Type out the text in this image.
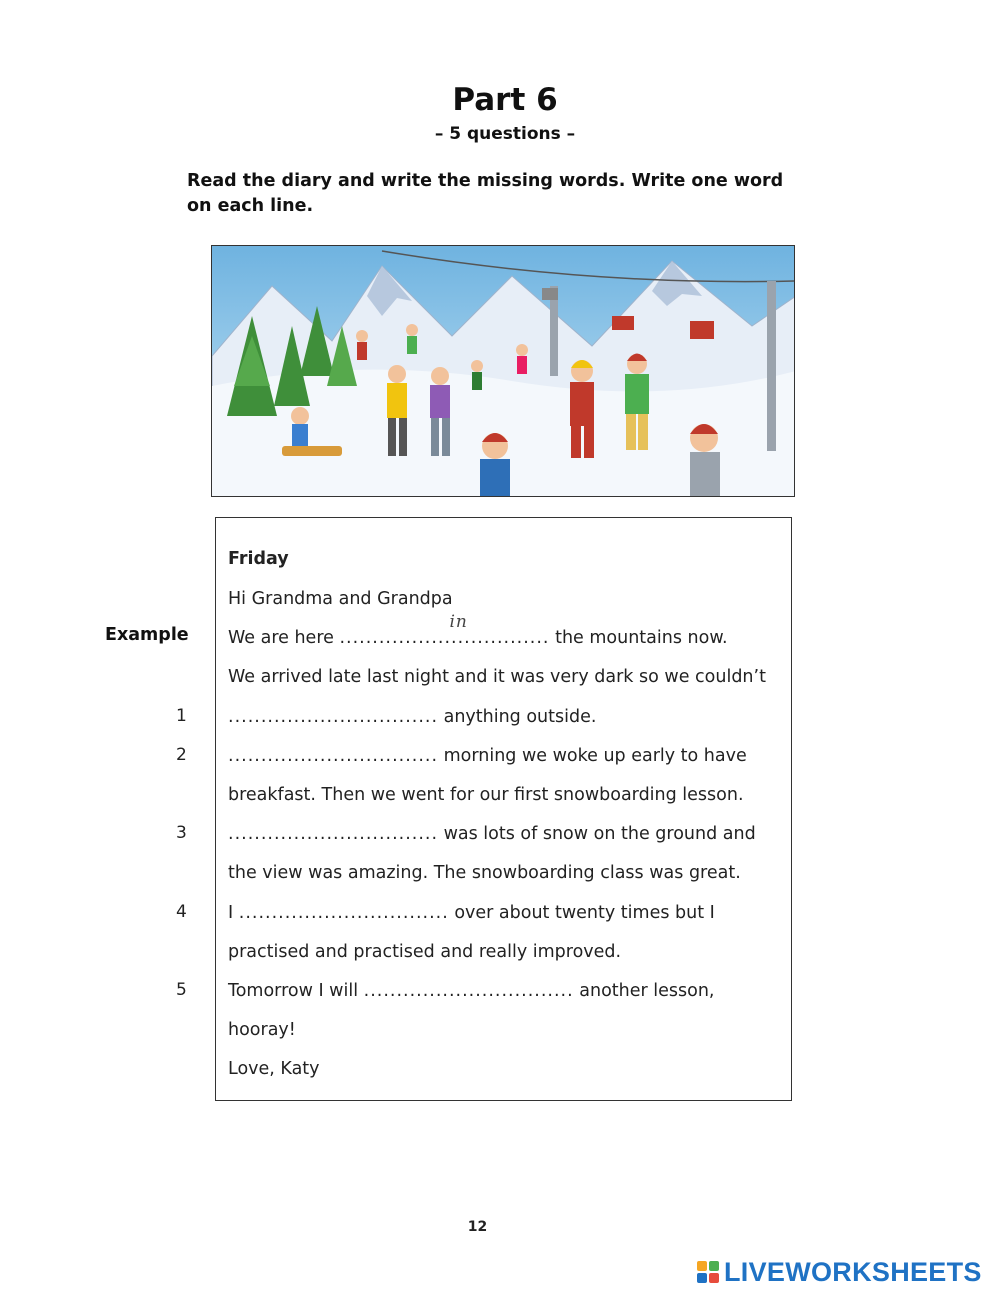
Part 6
– 5 questions –
Read the diary and write the missing words. Write one word on each line.
Example
1
2
3
4
5
Friday
Hi Grandma and Grandpa
We are here ................................
in
the mountains now.
We arrived late last night and it was very dark so we couldn’t
................................ anything outside.
................................ morning we woke up early to have
breakfast. Then we went for our first snowboarding lesson.
................................ was lots of snow on the ground and
the view was amazing. The snowboarding class was great.
I ................................ over about twenty times but I
practised and practised and really improved.
Tomorrow I will ................................ another lesson,
hooray!
Love, Katy
12
LIVEWORKSHEETS
